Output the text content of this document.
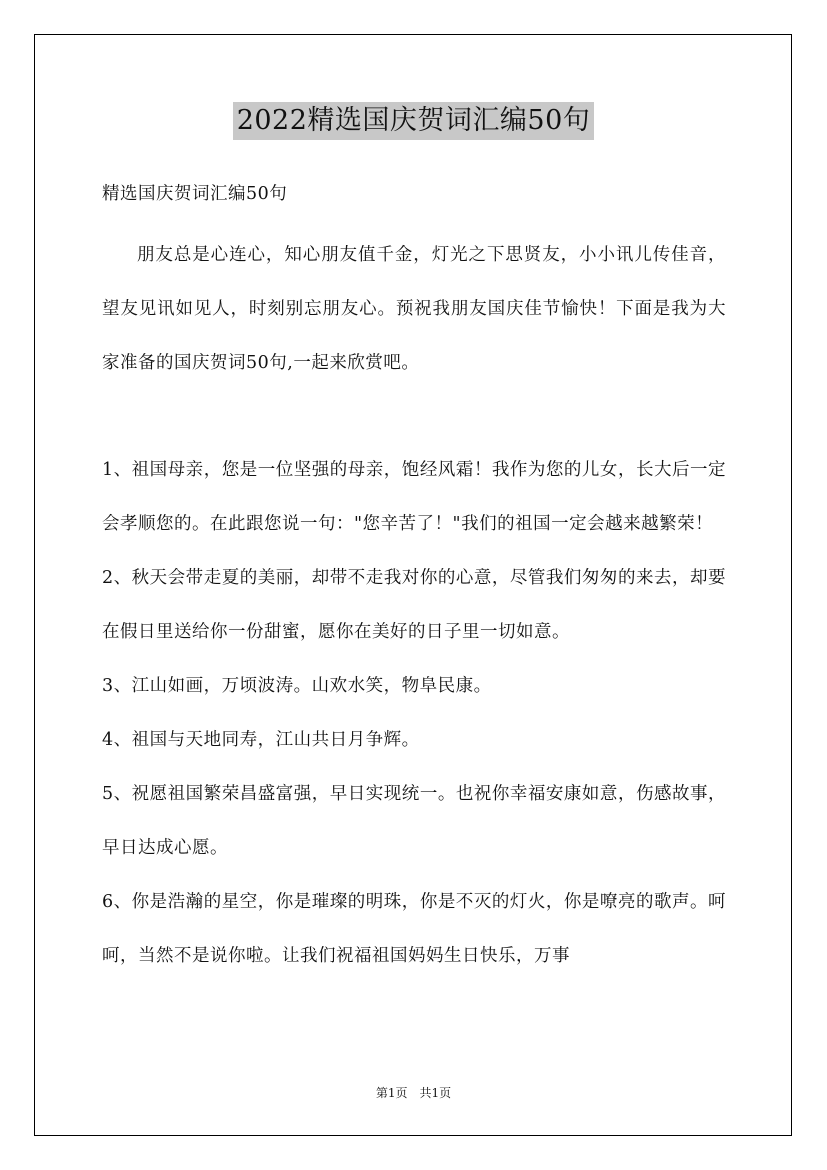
2022精选国庆贺词汇编50句

精选国庆贺词汇编50句

朋友总是心连心，知心朋友值千金，灯光之下思贤友，小小讯儿传佳音，望友见讯如见人，时刻别忘朋友心。预祝我朋友国庆佳节愉快！下面是我为大家准备的国庆贺词50句,一起来欣赏吧。

1、祖国母亲，您是一位坚强的母亲，饱经风霜！我作为您的儿女，长大后一定会孝顺您的。在此跟您说一句："您辛苦了！"我们的祖国一定会越来越繁荣！

2、秋天会带走夏的美丽，却带不走我对你的心意，尽管我们匆匆的来去，却要在假日里送给你一份甜蜜，愿你在美好的日子里一切如意。

3、江山如画，万顷波涛。山欢水笑，物阜民康。

4、祖国与天地同寿，江山共日月争辉。

5、祝愿祖国繁荣昌盛富强，早日实现统一。也祝你幸福安康如意，伤感故事，早日达成心愿。

6、你是浩瀚的星空，你是璀璨的明珠，你是不灭的灯火，你是嘹亮的歌声。呵呵，当然不是说你啦。让我们祝福祖国妈妈生日快乐，万事

第1页 共1页
